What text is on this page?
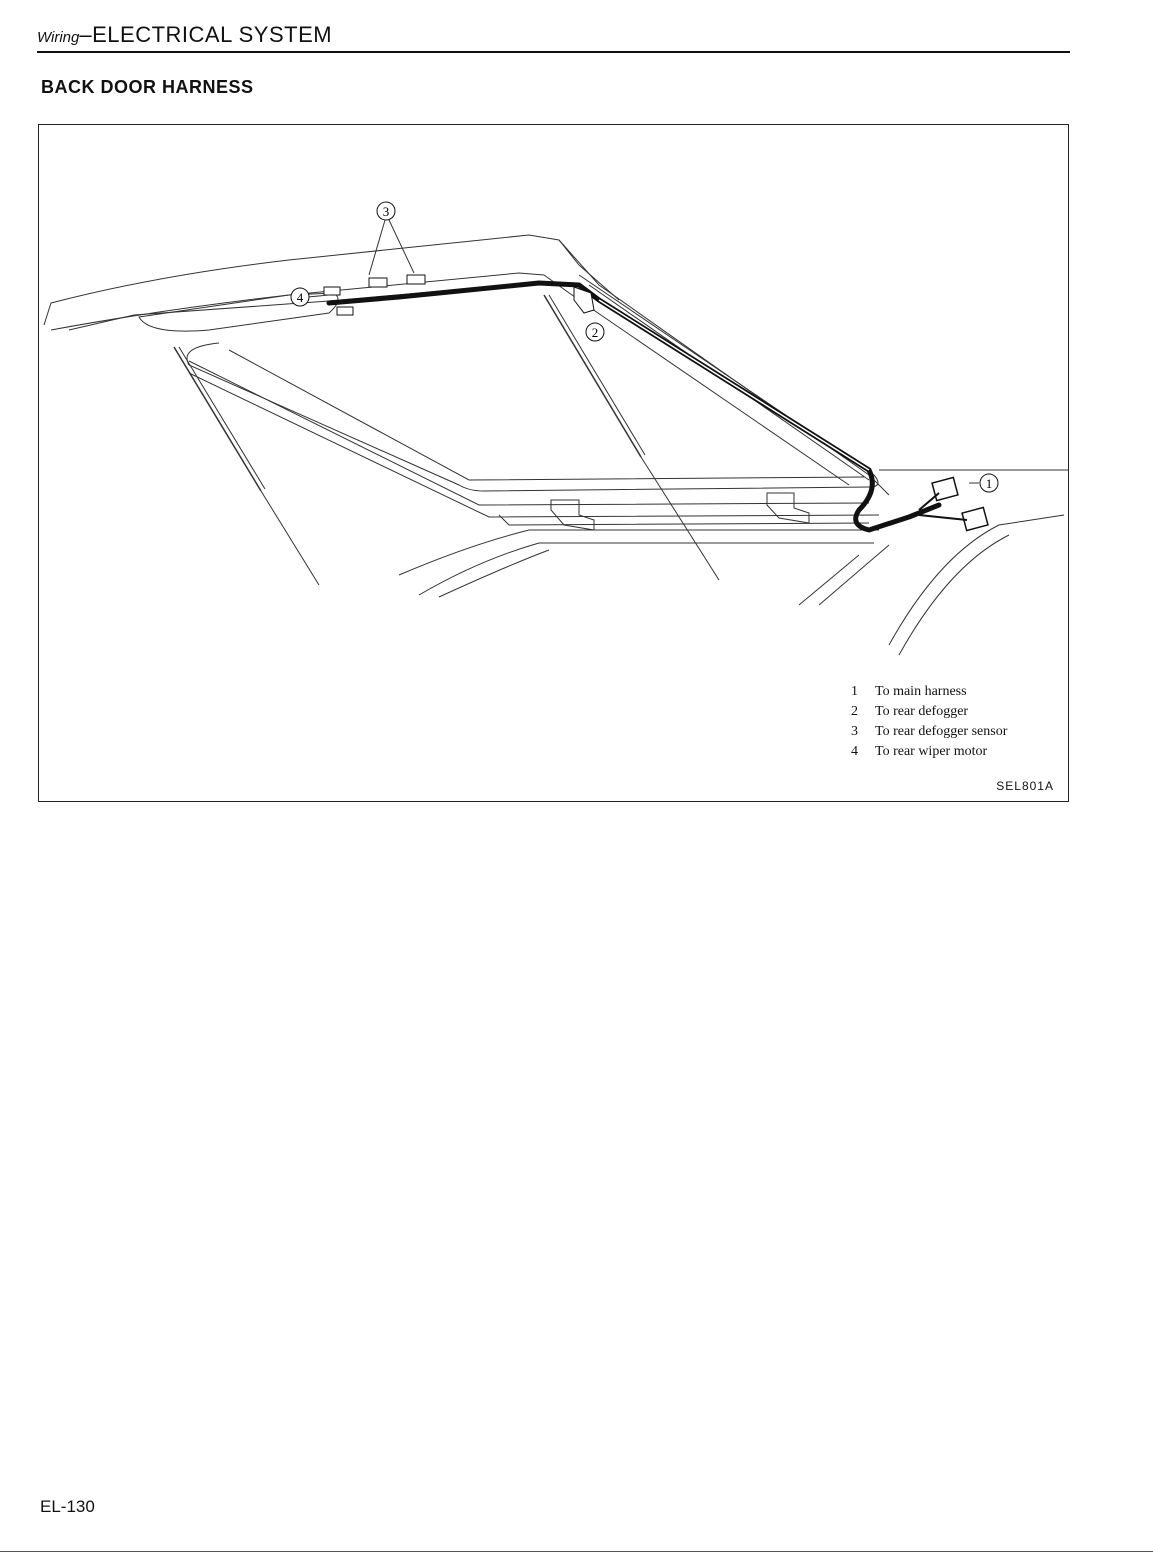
Wiring–ELECTRICAL SYSTEM
BACK DOOR HARNESS
3
4
2
1
1	To main harness
2	To rear defogger
3	To rear defogger sensor
4	To rear wiper motor
SEL801A
EL-130
